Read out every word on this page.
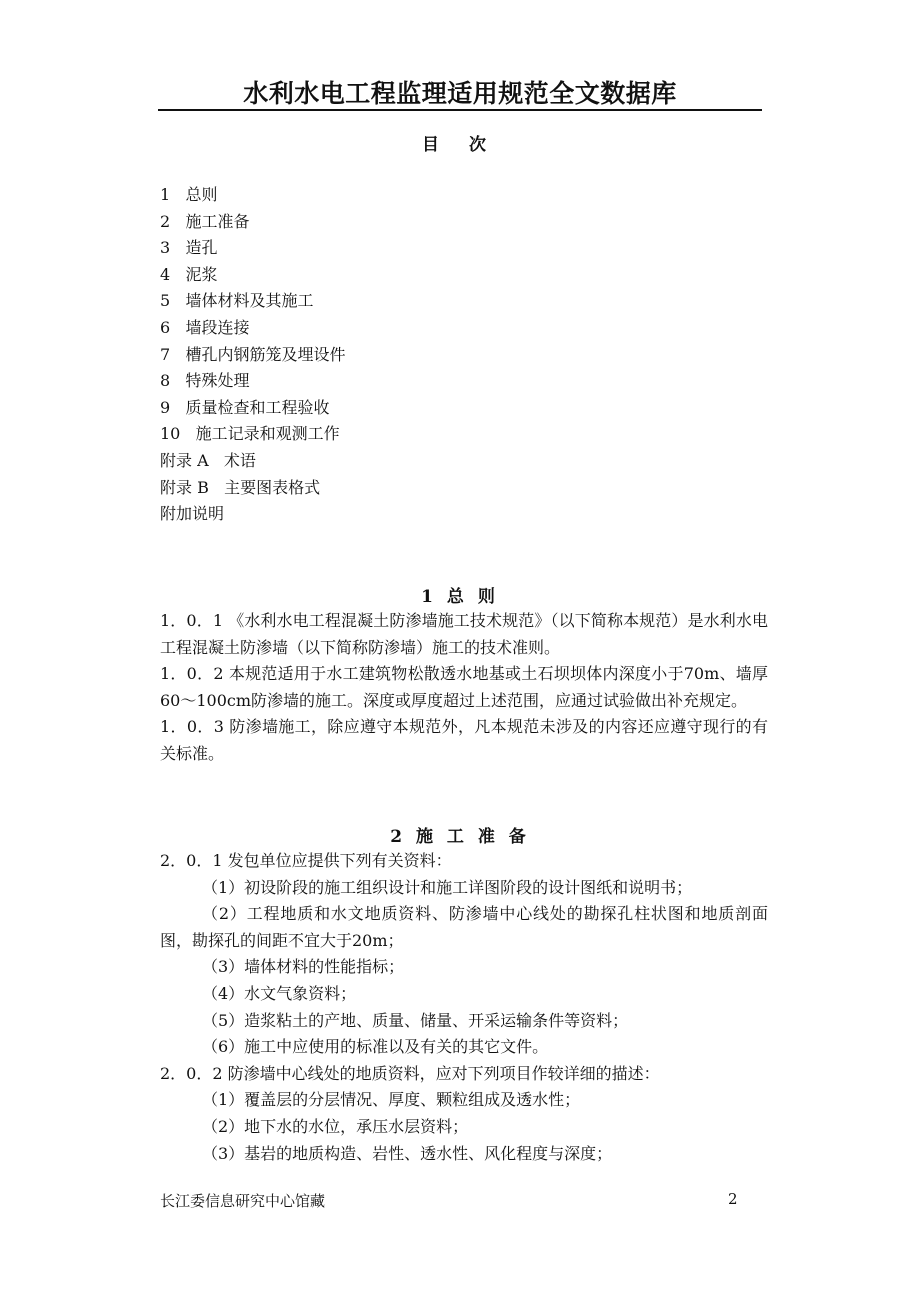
水利水电工程监理适用规范全文数据库
目 次
1   总则
2   施工准备
3   造孔
4   泥浆
5   墙体材料及其施工
6   墙段连接
7   槽孔内钢筋笼及埋设件
8   特殊处理
9   质量检查和工程验收
10   施工记录和观测工作
附录 A   术语
附录 B   主要图表格式
附加说明
1 总 则

1．0．1 《水利水电工程混凝土防渗墙施工技术规范》（以下简称本规范）是水利水电工程混凝土防渗墙（以下简称防渗墙）施工的技术准则。

1．0．2 本规范适用于水工建筑物松散透水地基或土石坝坝体内深度小于70m、墙厚60～100cm防渗墙的施工。深度或厚度超过上述范围，应通过试验做出补充规定。

1．0．3 防渗墙施工，除应遵守本规范外，凡本规范未涉及的内容还应遵守现行的有关标准。

2 施 工 准 备

2．0．1 发包单位应提供下列有关资料：

（1）初设阶段的施工组织设计和施工详图阶段的设计图纸和说明书；

（2）工程地质和水文地质资料、防渗墙中心线处的勘探孔柱状图和地质剖面图，勘探孔的间距不宜大于20m；

（3）墙体材料的性能指标；

（4）水文气象资料；

（5）造浆粘土的产地、质量、储量、开采运输条件等资料；

（6）施工中应使用的标准以及有关的其它文件。

2．0．2 防渗墙中心线处的地质资料，应对下列项目作较详细的描述：

（1）覆盖层的分层情况、厚度、颗粒组成及透水性；

（2）地下水的水位，承压水层资料；

（3）基岩的地质构造、岩性、透水性、风化程度与深度；

长江委信息研究中心馆藏	2
